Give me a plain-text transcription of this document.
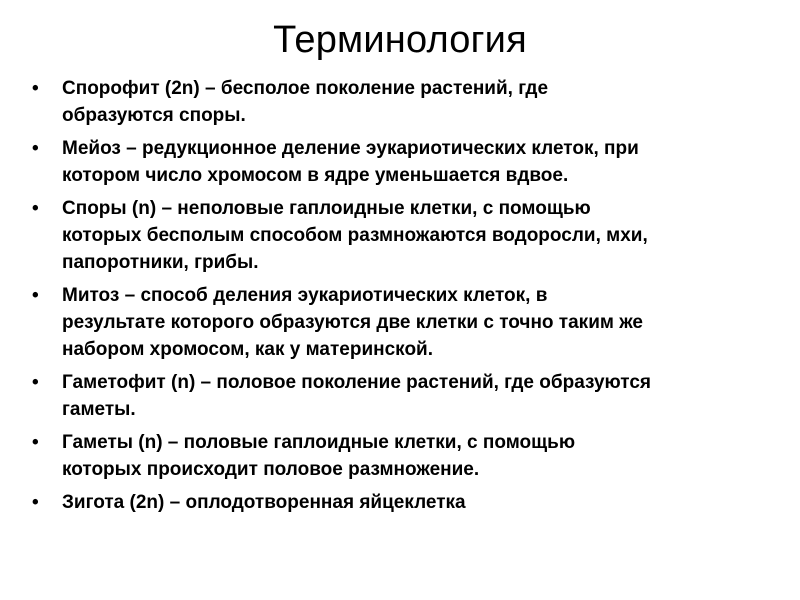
Терминология
• Спорофит (2n) – бесполое поколение растений, где
образуются споры.
• Мейоз – редукционное деление эукариотических клеток, при
котором число хромосом в ядре уменьшается вдвое.
• Споры (n) – неполовые гаплоидные клетки, с помощью
которых бесполым способом размножаются водоросли, мхи,
папоротники, грибы.
• Митоз – способ деления эукариотических клеток, в
результате которого образуются две клетки с точно таким же
набором хромосом, как у материнской.
• Гаметофит (n) – половое поколение растений, где образуются
гаметы.
• Гаметы (n) – половые гаплоидные клетки, с помощью
которых происходит половое размножение.
• Зигота (2n) – оплодотворенная яйцеклетка
